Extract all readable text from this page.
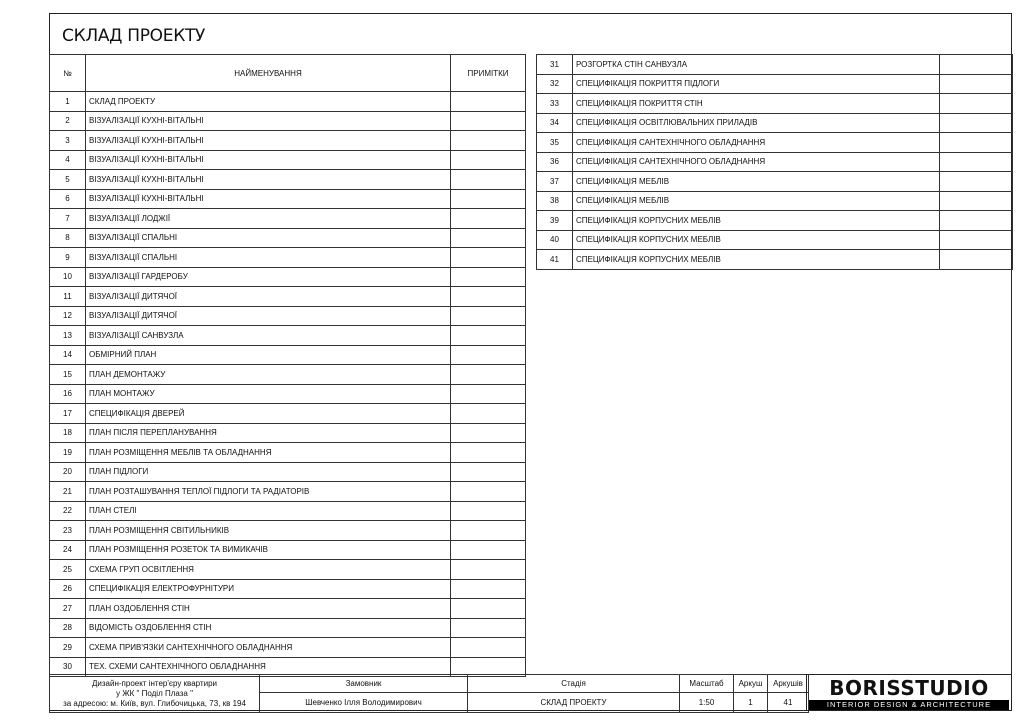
СКЛАД ПРОЕКТУ
№	НАЙМЕНУВАННЯ	ПРИМІТКИ
1	СКЛАД ПРОЕКТУ	
2	ВІЗУАЛІЗАЦІЇ КУХНІ-ВІТАЛЬНІ	
3	ВІЗУАЛІЗАЦІЇ КУХНІ-ВІТАЛЬНІ	
4	ВІЗУАЛІЗАЦІЇ КУХНІ-ВІТАЛЬНІ	
5	ВІЗУАЛІЗАЦІЇ КУХНІ-ВІТАЛЬНІ	
6	ВІЗУАЛІЗАЦІЇ КУХНІ-ВІТАЛЬНІ	
7	ВІЗУАЛІЗАЦІЇ ЛОДЖІЇ	
8	ВІЗУАЛІЗАЦІЇ СПАЛЬНІ	
9	ВІЗУАЛІЗАЦІЇ СПАЛЬНІ	
10	ВІЗУАЛІЗАЦІЇ ГАРДЕРОБУ	
11	ВІЗУАЛІЗАЦІЇ ДИТЯЧОЇ	
12	ВІЗУАЛІЗАЦІЇ ДИТЯЧОЇ	
13	ВІЗУАЛІЗАЦІЇ САНВУЗЛА	
14	ОБМІРНИЙ ПЛАН	
15	ПЛАН ДЕМОНТАЖУ	
16	ПЛАН МОНТАЖУ	
17	СПЕЦИФІКАЦІЯ ДВЕРЕЙ	
18	ПЛАН ПІСЛЯ ПЕРЕПЛАНУВАННЯ	
19	ПЛАН РОЗМІЩЕННЯ МЕБЛІВ ТА ОБЛАДНАННЯ	
20	ПЛАН ПІДЛОГИ	
21	ПЛАН РОЗТАШУВАННЯ ТЕПЛОЇ ПІДЛОГИ ТА РАДІАТОРІВ	
22	ПЛАН СТЕЛІ	
23	ПЛАН РОЗМІЩЕННЯ СВІТИЛЬНИКІВ	
24	ПЛАН РОЗМІЩЕННЯ РОЗЕТОК ТА ВИМИКАЧІВ	
25	СХЕМА ГРУП ОСВІТЛЕННЯ	
26	СПЕЦИФІКАЦІЯ ЕЛЕКТРОФУРНІТУРИ	
27	ПЛАН ОЗДОБЛЕННЯ СТІН	
28	ВІДОМІСТЬ ОЗДОБЛЕННЯ СТІН	
29	СХЕМА ПРИВ'ЯЗКИ САНТЕХНІЧНОГО ОБЛАДНАННЯ	
30	ТЕХ. СХЕМИ САНТЕХНІЧНОГО ОБЛАДНАННЯ	
31	РОЗГОРТКА СТІН САНВУЗЛА	
32	СПЕЦИФІКАЦІЯ ПОКРИТТЯ ПІДЛОГИ	
33	СПЕЦИФІКАЦІЯ ПОКРИТТЯ СТІН	
34	СПЕЦИФІКАЦІЯ ОСВІТЛЮВАЛЬНИХ ПРИЛАДІВ	
35	СПЕЦИФІКАЦІЯ САНТЕХНІЧНОГО ОБЛАДНАННЯ	
36	СПЕЦИФІКАЦІЯ САНТЕХНІЧНОГО ОБЛАДНАННЯ	
37	СПЕЦИФІКАЦІЯ МЕБЛІВ	
38	СПЕЦИФІКАЦІЯ МЕБЛІВ	
39	СПЕЦИФІКАЦІЯ КОРПУСНИХ МЕБЛІВ	
40	СПЕЦИФІКАЦІЯ КОРПУСНИХ МЕБЛІВ	
41	СПЕЦИФІКАЦІЯ КОРПУСНИХ МЕБЛІВ	
Дизайн-проект інтер'єру квартири
у ЖК " Поділ Плаза "
за адресою: м. Київ, вул. Глибочицька, 73, кв 194	Замовник	Стадія	Масштаб	Аркуш	Аркушів
	Шевченко Ілля Володимирович	СКЛАД ПРОЕКТУ	1:50	1	41
BORISSTUDIO
INTERIOR DESIGN & ARCHITECTURE
